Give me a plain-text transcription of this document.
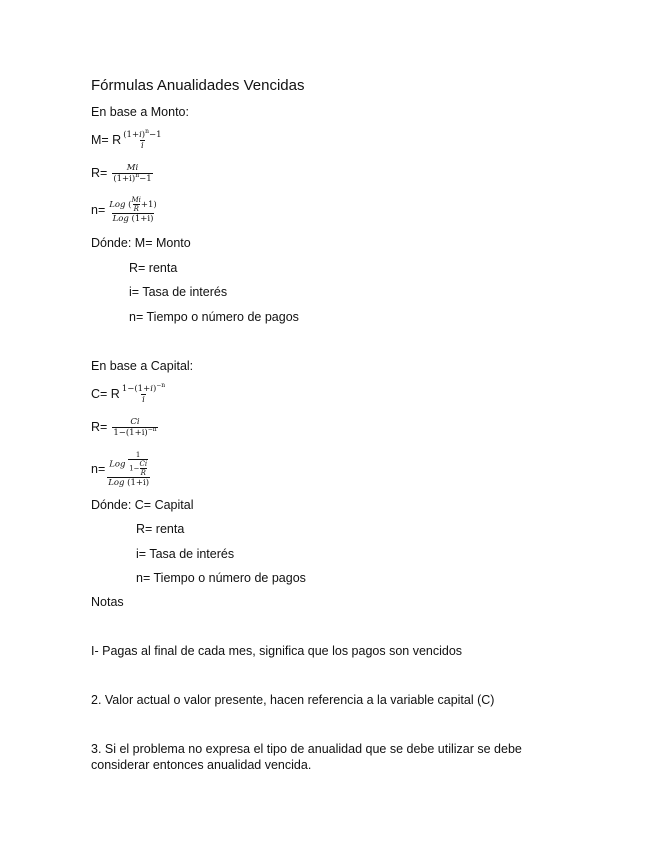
Fórmulas Anualidades Vencidas
En base a Monto:
M= R $\frac{(1+i)^n-1}{i}$
$R= \frac{Mi}{(1+i)^n-1}$
$n= \frac{Log ( \frac{Mi}{R} +1)}{\text{Log (1+i)}}$
Dónde: M= Monto
R= renta
i= Tasa de interés
n= Tiempo o número de pagos
En base a Capital:
C= R $\frac{1-(1+i)^{-n}}{i}$
$R= \frac{Ci}{1-(1+i)^{-n}}$
n= Log
1
$1- \frac{Ci}{R}$
Log (1+i)
Dónde: C= Capital
R= renta
i= Tasa de interés
n= Tiempo o número de pagos
Notas
I- Pagas al final de cada mes, significa que los pagos son vencidos
2. Valor actual o valor presente, hacen referencia a la variable capital (C)
3. Si el problema no expresa el tipo de anualidad que se debe utilizar se debe
considerar entonces anualidad vencida.
